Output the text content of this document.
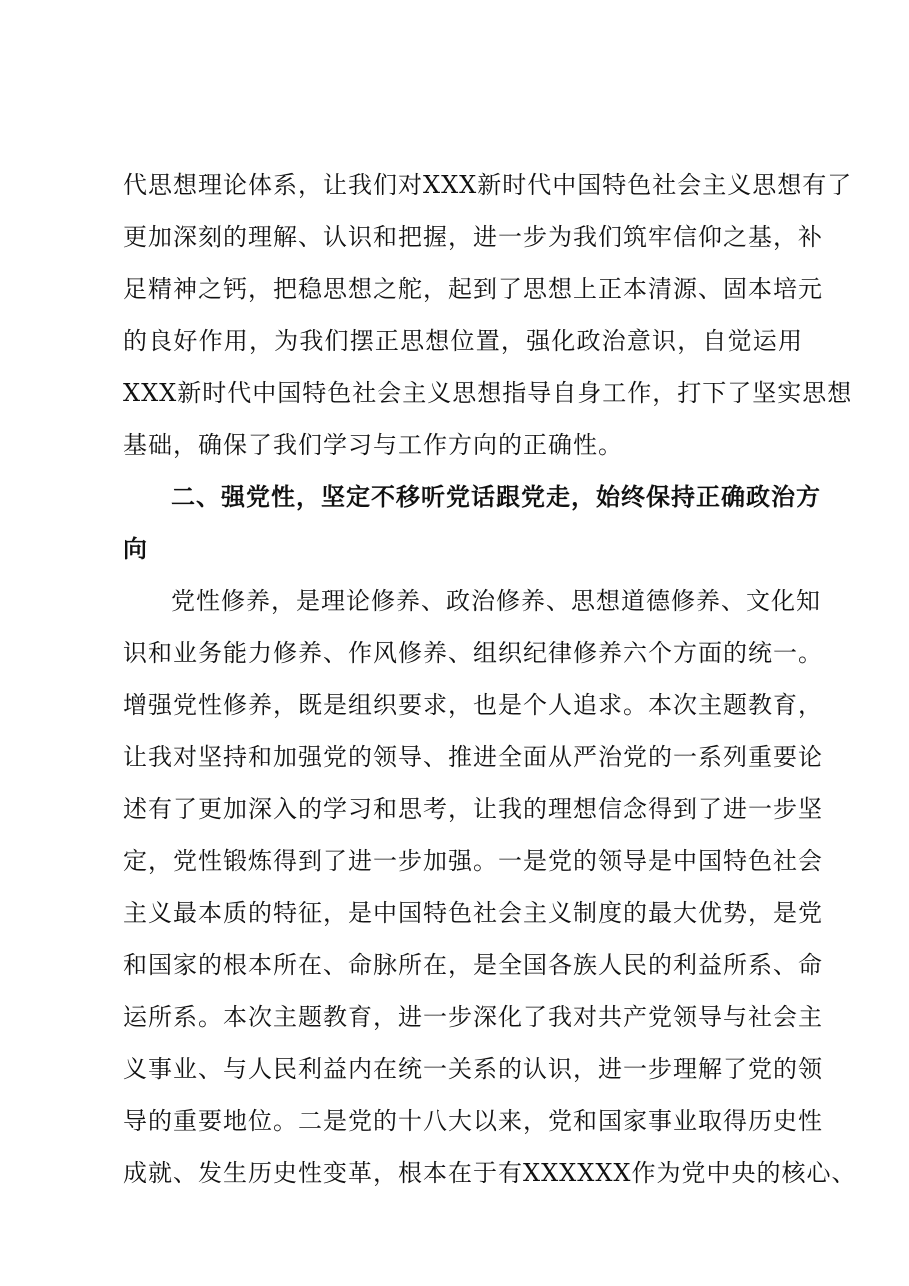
代思想理论体系，让我们对XXX新时代中国特色社会主义思想有了
更加深刻的理解、认识和把握，进一步为我们筑牢信仰之基，补
足精神之钙，把稳思想之舵，起到了思想上正本清源、固本培元
的良好作用，为我们摆正思想位置，强化政治意识，自觉运用
XXX新时代中国特色社会主义思想指导自身工作，打下了坚实思想
基础，确保了我们学习与工作方向的正确性。
二、强党性，坚定不移听党话跟党走，始终保持正确政治方
向
党性修养，是理论修养、政治修养、思想道德修养、文化知
识和业务能力修养、作风修养、组织纪律修养六个方面的统一。
增强党性修养，既是组织要求，也是个人追求。本次主题教育，
让我对坚持和加强党的领导、推进全面从严治党的一系列重要论
述有了更加深入的学习和思考，让我的理想信念得到了进一步坚
定，党性锻炼得到了进一步加强。一是党的领导是中国特色社会
主义最本质的特征，是中国特色社会主义制度的最大优势，是党
和国家的根本所在、命脉所在，是全国各族人民的利益所系、命
运所系。本次主题教育，进一步深化了我对共产党领导与社会主
义事业、与人民利益内在统一关系的认识，进一步理解了党的领
导的重要地位。二是党的十八大以来，党和国家事业取得历史性
成就、发生历史性变革，根本在于有XXXXXX作为党中央的核心、
